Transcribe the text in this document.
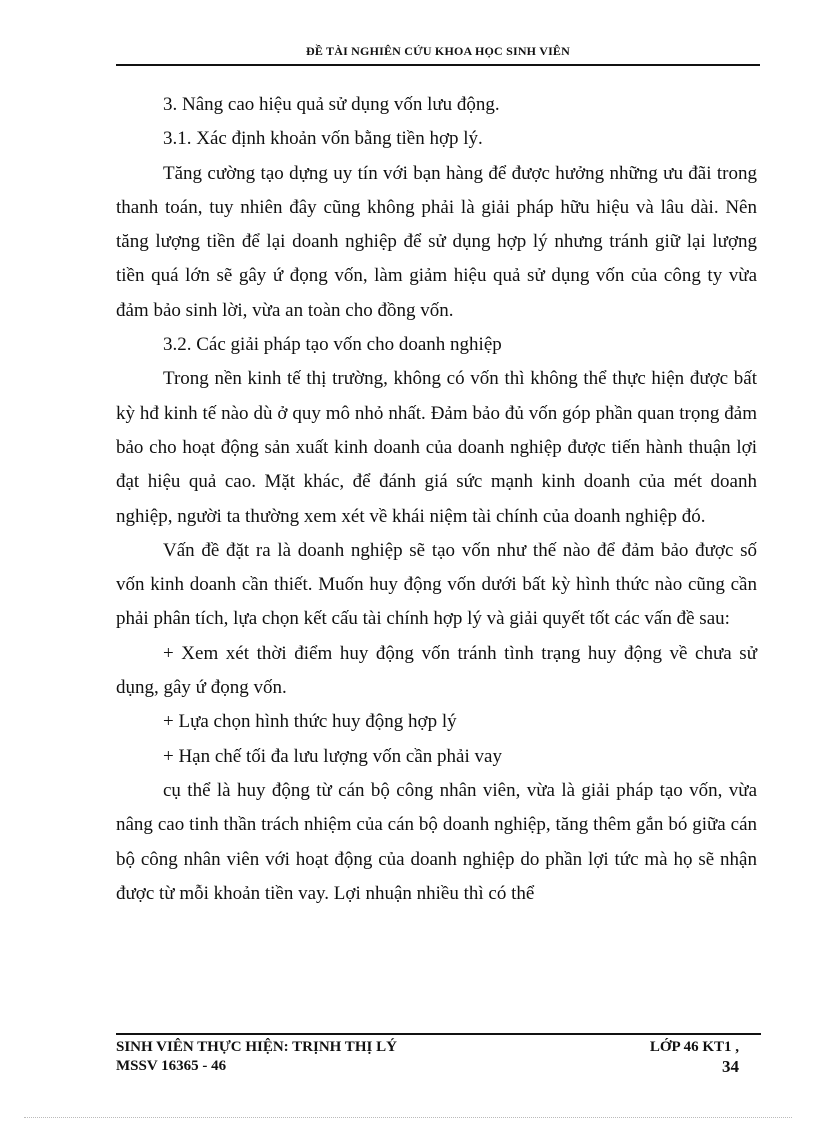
ĐỀ TÀI NGHIÊN CỨU KHOA HỌC SINH VIÊN

3. Nâng cao hiệu quả sử dụng vốn lưu động.

3.1. Xác định khoản vốn bằng tiền hợp lý.

Tăng cường tạo dựng uy tín với bạn hàng để được hưởng những ưu đãi trong thanh toán, tuy nhiên đây cũng không phải là giải pháp hữu hiệu và lâu dài. Nên tăng lượng tiền để lại doanh nghiệp để sử dụng hợp lý nhưng tránh giữ lại lượng tiền quá lớn sẽ gây ứ đọng vốn, làm giảm hiệu quả sử dụng vốn của công ty vừa đảm bảo sinh lời, vừa an toàn cho đồng vốn.

3.2. Các giải pháp tạo vốn cho doanh nghiệp

Trong nền kinh tế thị trường, không có vốn thì không thể thực hiện được bất kỳ hđ kinh tế nào dù ở quy mô nhỏ nhất. Đảm bảo đủ vốn góp phần quan trọng đảm bảo cho hoạt động sản xuất kinh doanh của doanh nghiệp được tiến hành thuận lợi đạt hiệu quả cao. Mặt khác, để đánh giá sức mạnh kinh doanh của mét doanh nghiệp, người ta thường xem xét về khái niệm tài chính của doanh nghiệp đó.

Vấn đề đặt ra là doanh nghiệp sẽ tạo vốn như thế nào để đảm bảo được số vốn kinh doanh cần thiết. Muốn huy động vốn dưới bất kỳ hình thức nào cũng cần phải phân tích, lựa chọn kết cấu tài chính hợp lý và giải quyết tốt các vấn đề sau:

+ Xem xét thời điểm huy động vốn tránh tình trạng huy động về chưa sử dụng, gây ứ đọng vốn.

+ Lựa chọn hình thức huy động hợp lý

+ Hạn chế tối đa lưu lượng vốn cần phải vay

cụ thể là huy động từ cán bộ công nhân viên, vừa là giải pháp tạo vốn, vừa nâng cao tinh thần trách nhiệm của cán bộ doanh nghiệp, tăng thêm gắn bó giữa cán bộ công nhân viên với hoạt động của doanh nghiệp do phần lợi tức mà họ sẽ nhận được từ mỗi khoản tiền vay. Lợi nhuận nhiều thì có thể

SINH VIÊN THỰC HIỆN: TRỊNH THỊ LÝ	LỚP 46 KT1 ,
MSSV 16365 - 46	34
